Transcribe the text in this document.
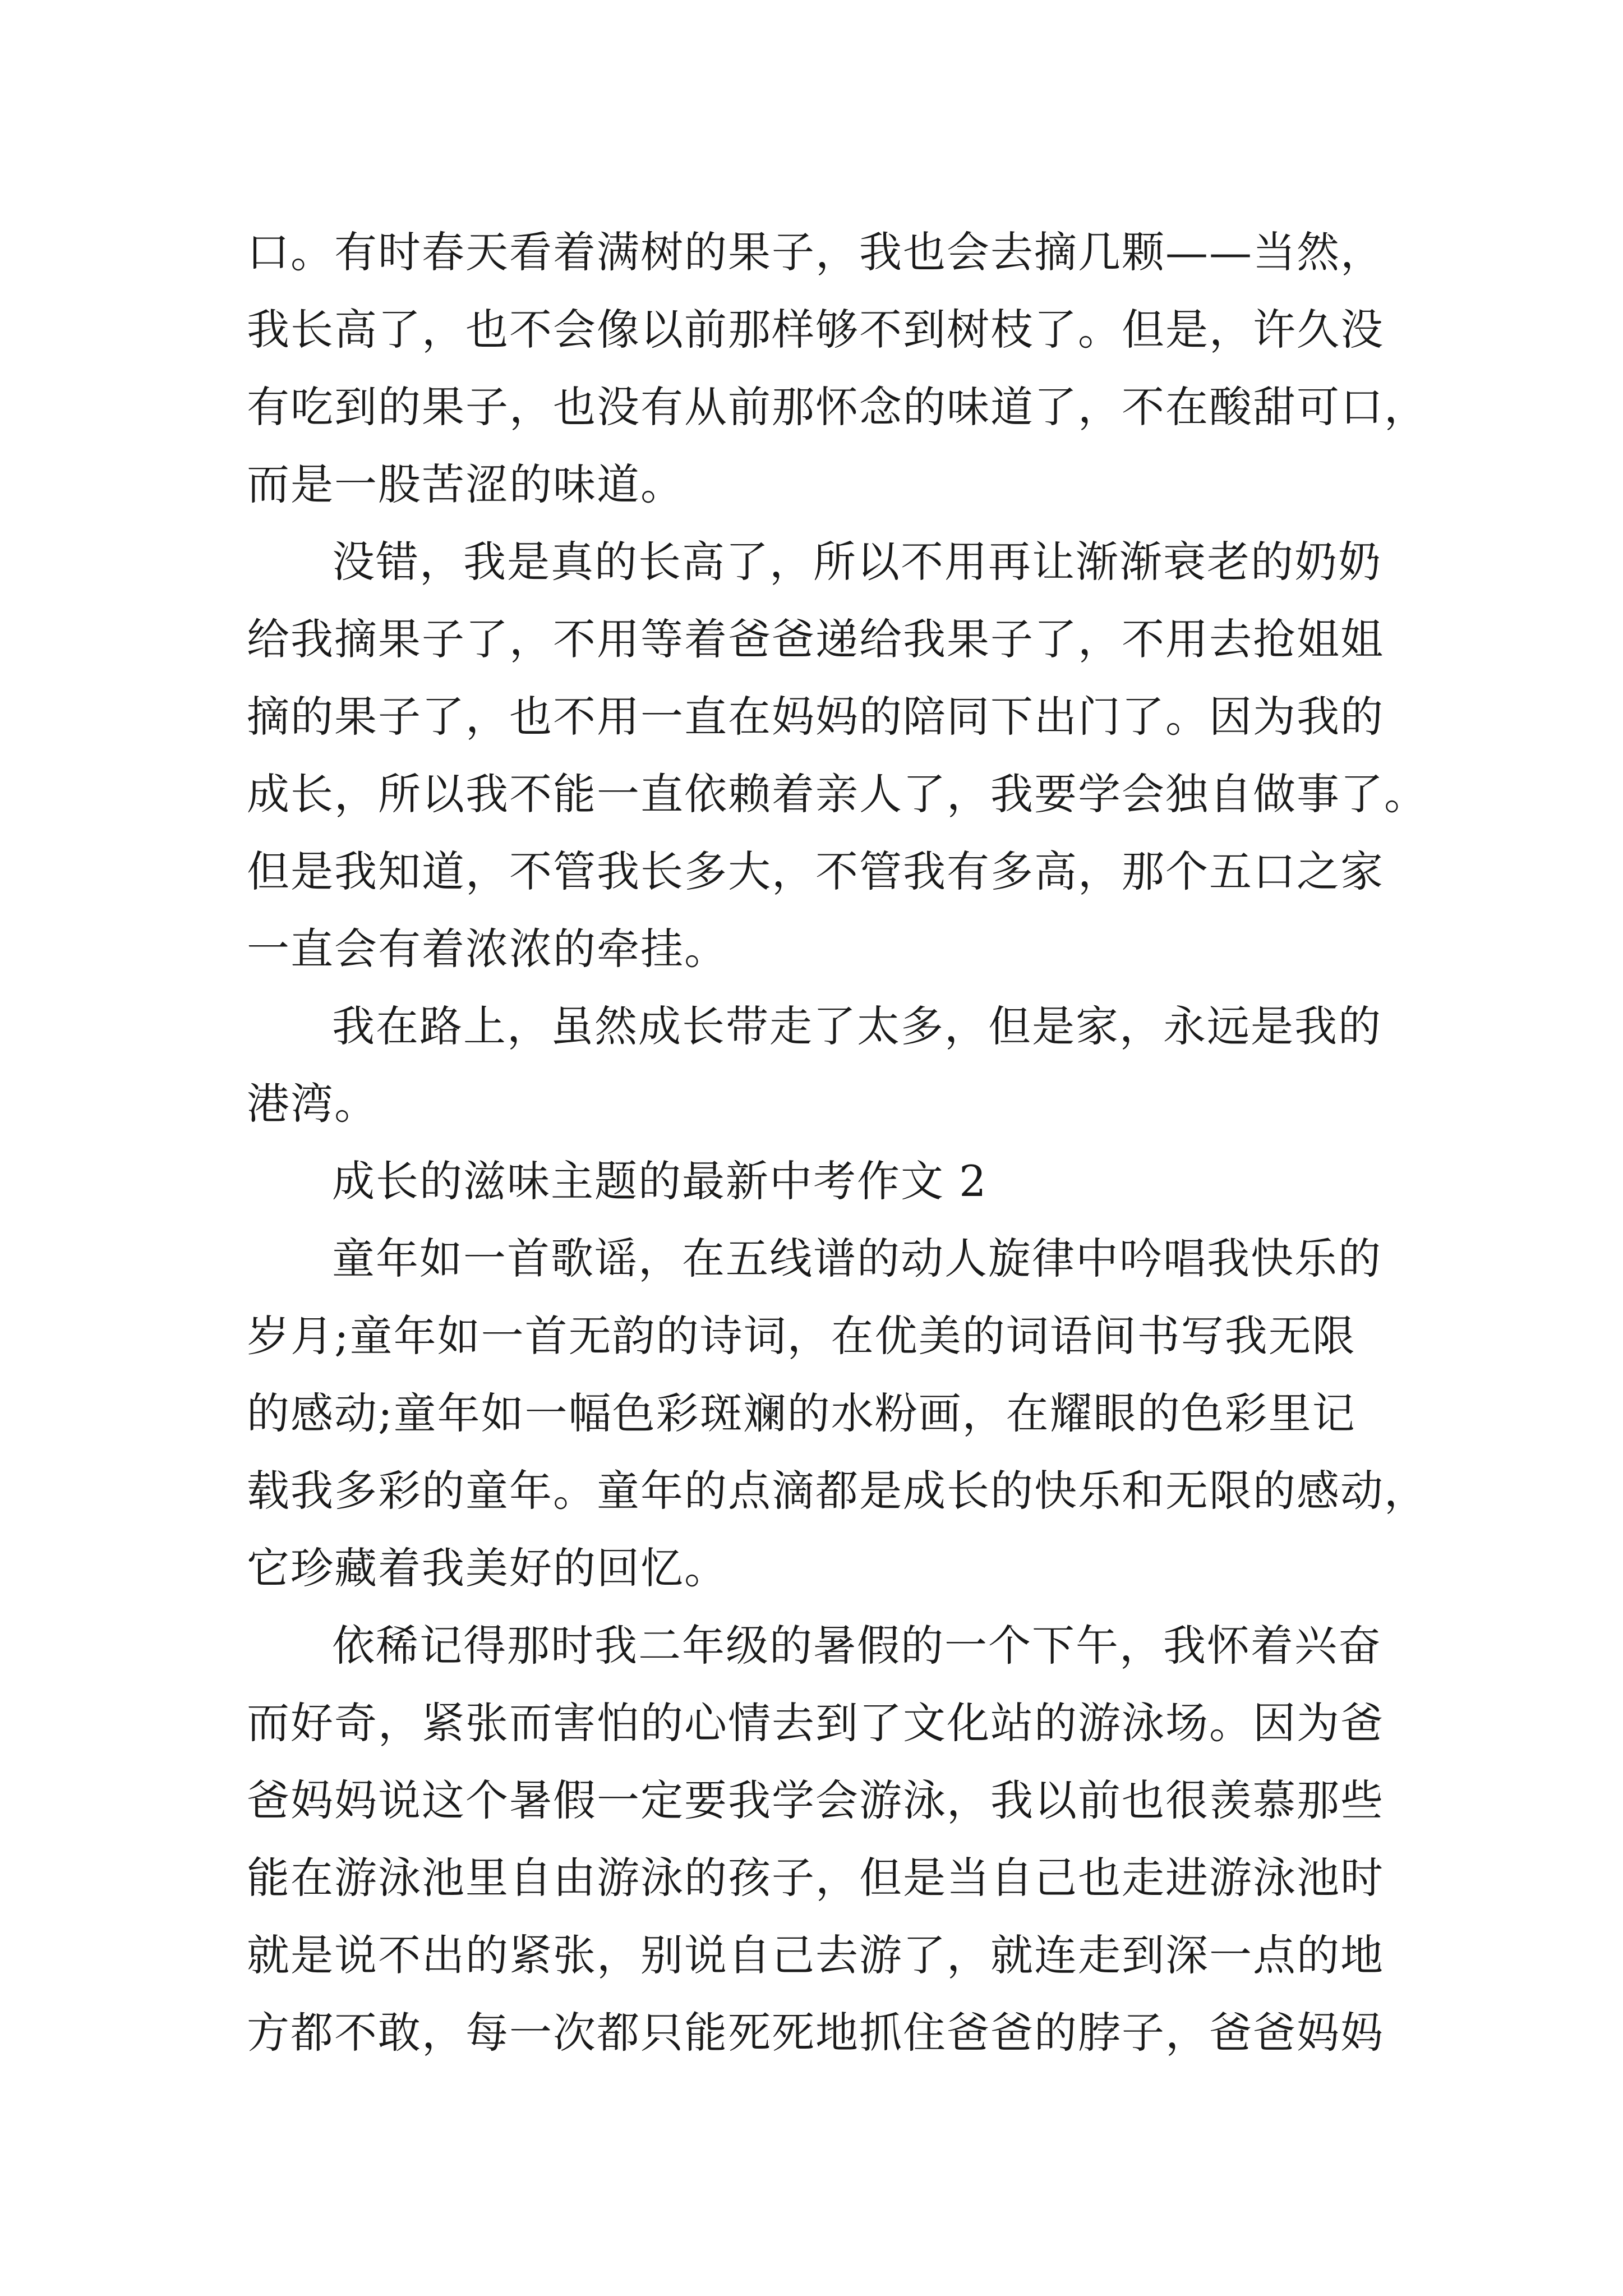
口。有时春天看着满树的果子，我也会去摘几颗——当然，
我长高了，也不会像以前那样够不到树枝了。但是，许久没
有吃到的果子，也没有从前那怀念的味道了，不在酸甜可口，
而是一股苦涩的味道。
没错，我是真的长高了，所以不用再让渐渐衰老的奶奶
给我摘果子了，不用等着爸爸递给我果子了，不用去抢姐姐
摘的果子了，也不用一直在妈妈的陪同下出门了。因为我的
成长，所以我不能一直依赖着亲人了，我要学会独自做事了。
但是我知道，不管我长多大，不管我有多高，那个五口之家
一直会有着浓浓的牵挂。
我在路上，虽然成长带走了太多，但是家，永远是我的
港湾。
成长的滋味主题的最新中考作文 2
童年如一首歌谣，在五线谱的动人旋律中吟唱我快乐的
岁月;童年如一首无韵的诗词，在优美的词语间书写我无限
的感动;童年如一幅色彩斑斓的水粉画，在耀眼的色彩里记
载我多彩的童年。童年的点滴都是成长的快乐和无限的感动，
它珍藏着我美好的回忆。
依稀记得那时我二年级的暑假的一个下午，我怀着兴奋
而好奇，紧张而害怕的心情去到了文化站的游泳场。因为爸
爸妈妈说这个暑假一定要我学会游泳，我以前也很羡慕那些
能在游泳池里自由游泳的孩子，但是当自己也走进游泳池时
就是说不出的紧张，别说自己去游了，就连走到深一点的地
方都不敢，每一次都只能死死地抓住爸爸的脖子，爸爸妈妈
